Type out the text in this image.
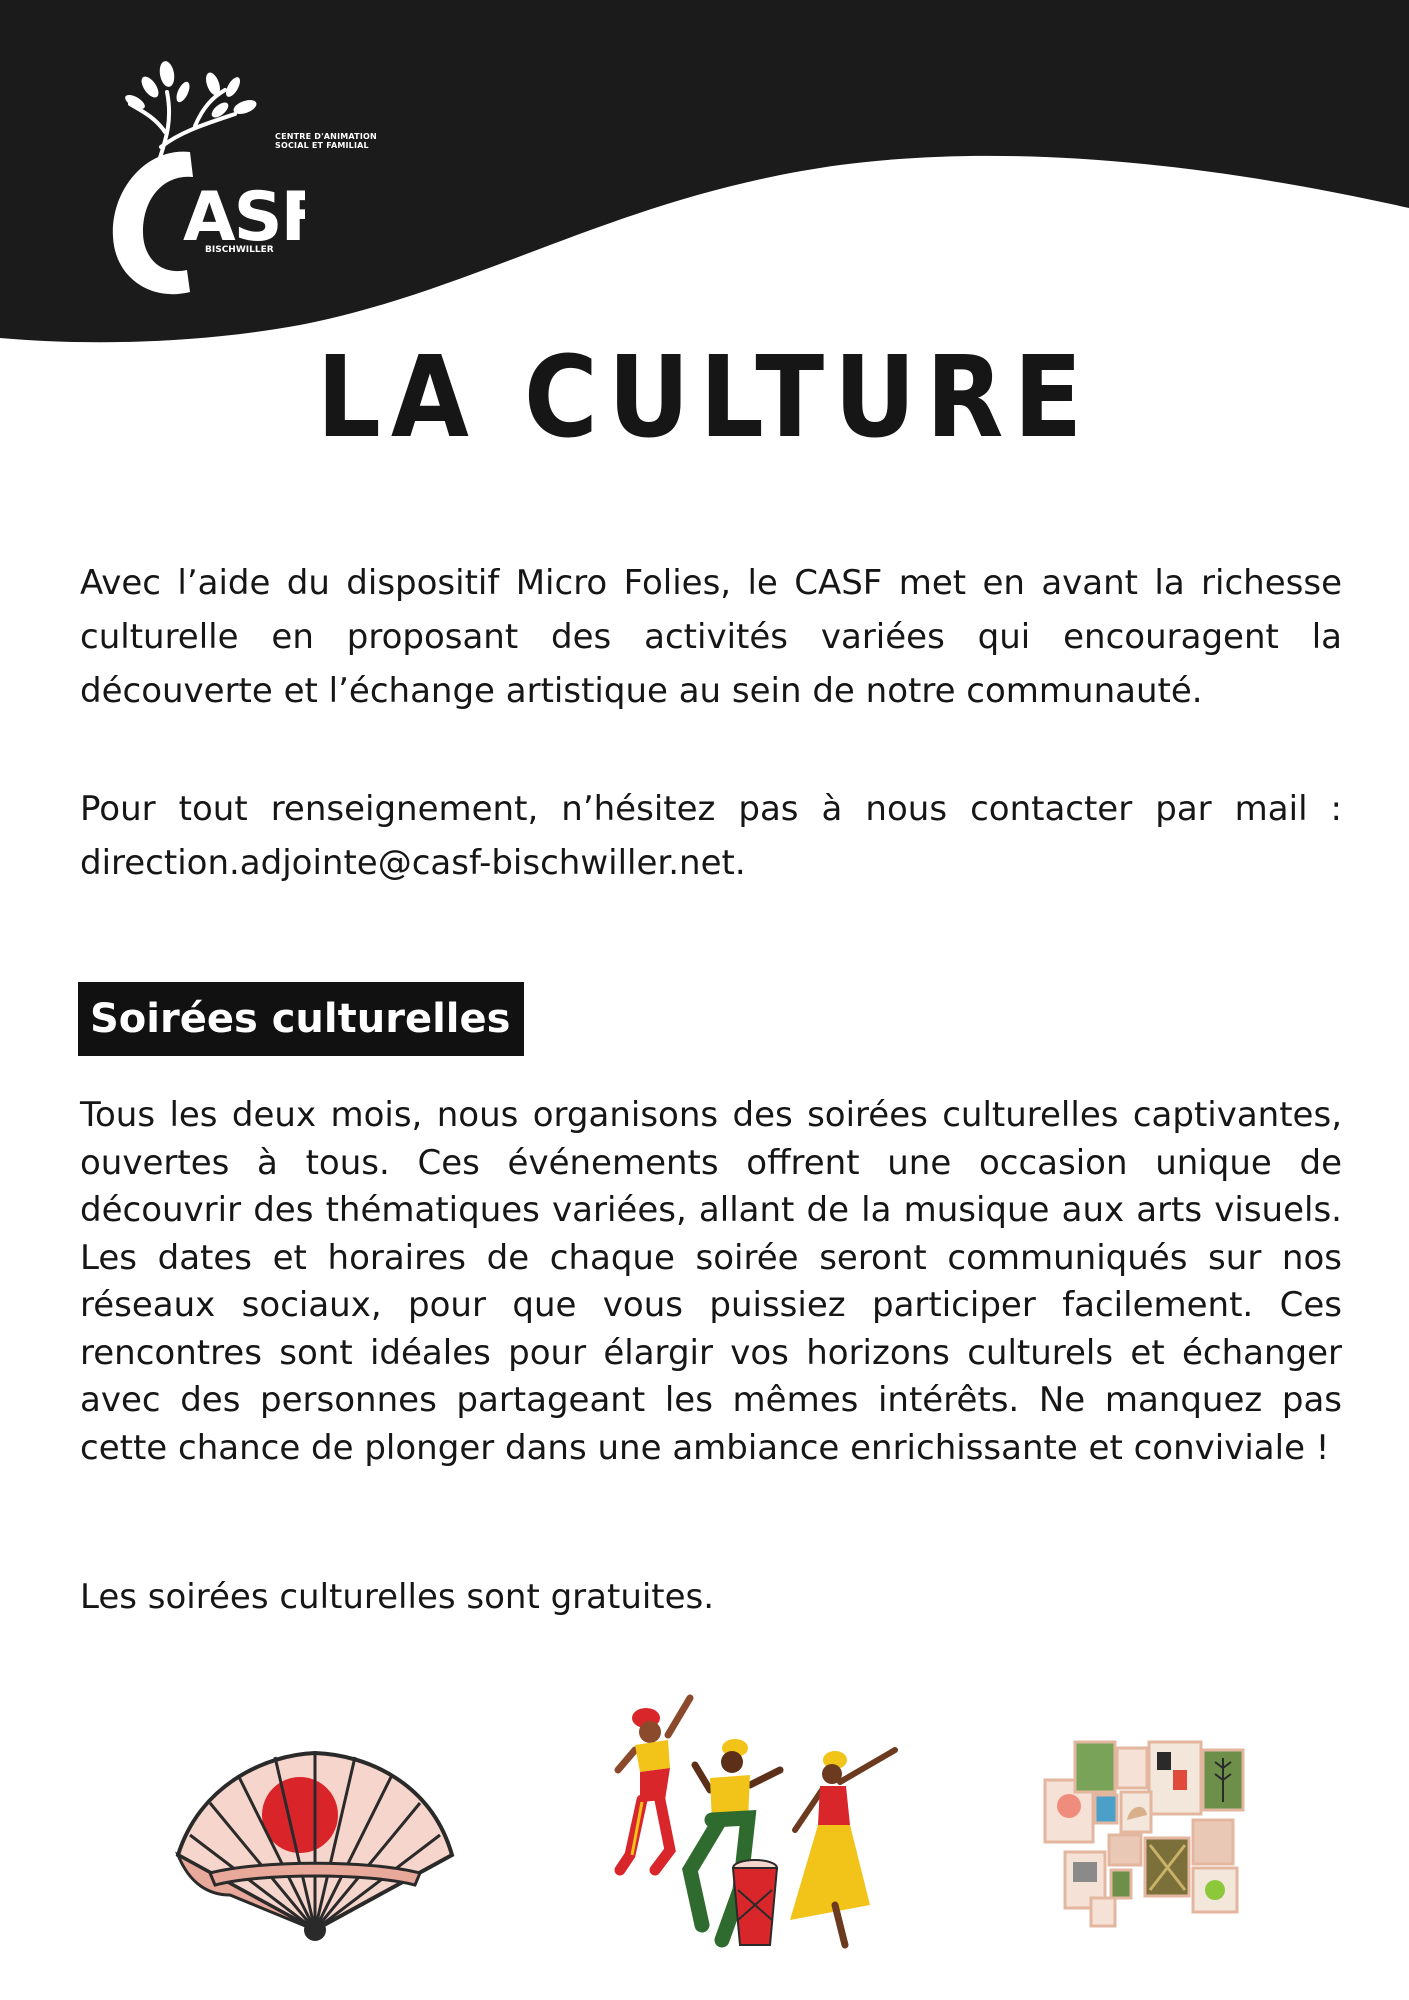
ASF
CENTRE D'ANIMATION
SOCIAL ET FAMILIAL
BISCHWILLER
LA CULTURE

Avec l’aide du dispositif Micro Folies, le CASF met en avant la richesse culturelle en proposant des activités variées qui encouragent la découverte et l’échange artistique au sein de notre communauté.

Pour tout renseignement, n’hésitez pas à nous contacter par mail : direction.adjointe@casf-bischwiller.net.

Soirées culturelles

Tous les deux mois, nous organisons des soirées culturelles captivantes, ouvertes à tous. Ces événements offrent une occasion unique de découvrir des thématiques variées, allant de la musique aux arts visuels. Les dates et horaires de chaque soirée seront communiqués sur nos réseaux sociaux, pour que vous puissiez participer facilement. Ces rencontres sont idéales pour élargir vos horizons culturels et échanger avec des personnes partageant les mêmes intérêts. Ne manquez pas cette chance de plonger dans une ambiance enrichissante et conviviale !

Les soirées culturelles sont gratuites.
